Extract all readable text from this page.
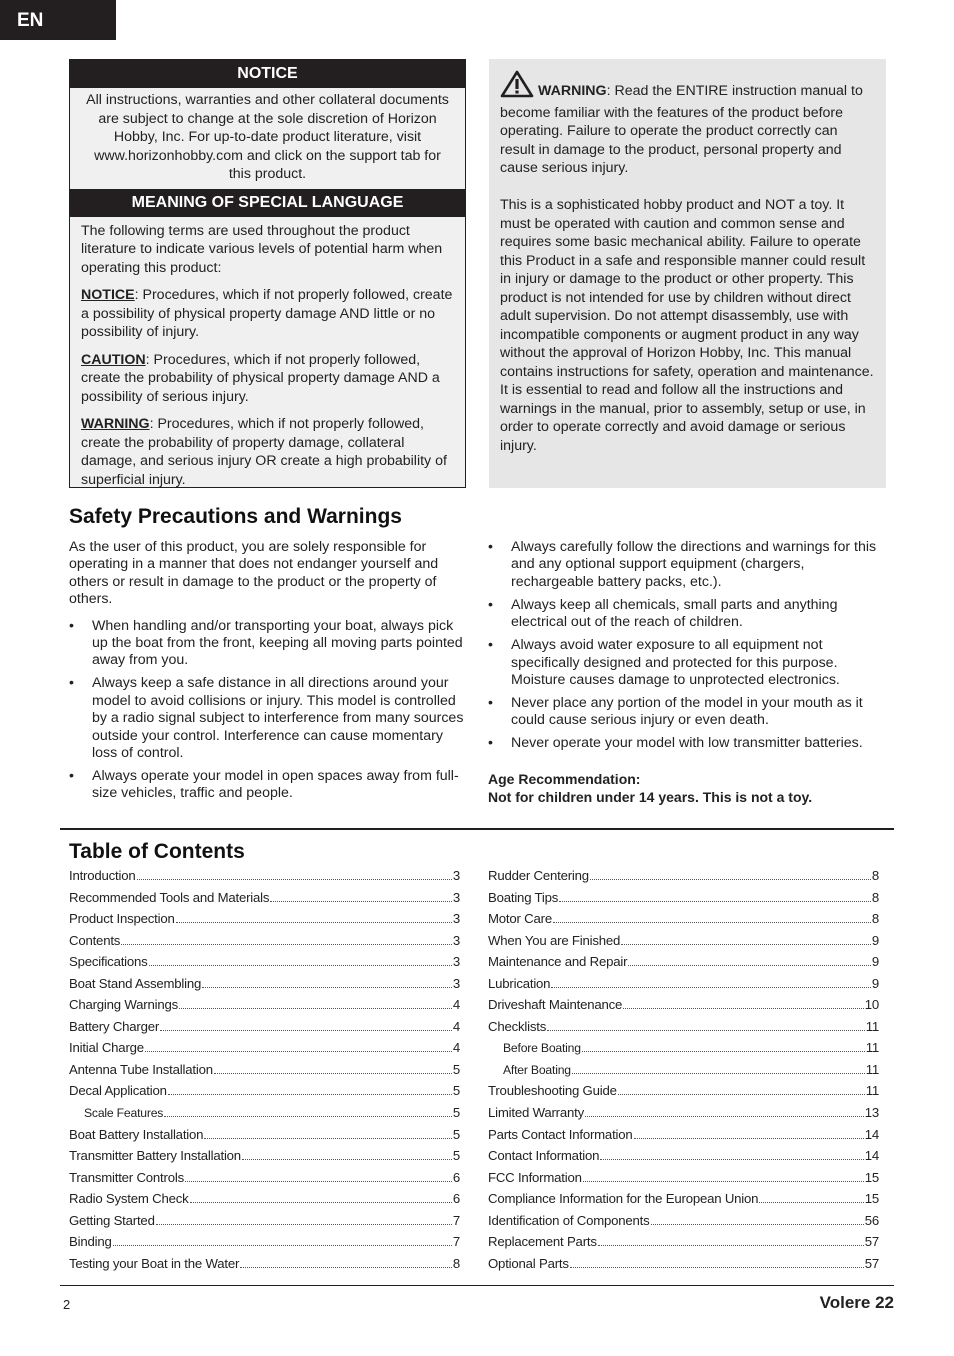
EN
NOTICE
All instructions, warranties and other collateral documents are subject to change at the sole discretion of Horizon Hobby, Inc. For up-to-date product literature, visit www.horizonhobby.com and click on the support tab for this product.
MEANING OF SPECIAL LANGUAGE

The following terms are used throughout the product literature to indicate various levels of potential harm when operating this product:

NOTICE: Procedures, which if not properly followed, create a possibility of physical property damage AND little or no possibility of injury.

CAUTION: Procedures, which if not properly followed, create the probability of physical property damage AND a possibility of serious injury.

WARNING: Procedures, which if not properly followed, create the probability of property damage, collateral damage, and serious injury OR create a high probability of superficial injury.

WARNING: Read the ENTIRE instruction manual to become familiar with the features of the product before operating. Failure to operate the product correctly can result in damage to the product, personal property and cause serious injury.

This is a sophisticated hobby product and NOT a toy. It must be operated with caution and common sense and requires some basic mechanical ability. Failure to operate this Product in a safe and responsible manner could result in injury or damage to the product or other property. This product is not intended for use by children without direct adult supervision. Do not attempt disassembly, use with incompatible components or augment product in any way without the approval of Horizon Hobby, Inc. This manual contains instructions for safety, operation and maintenance. It is essential to read and follow all the instructions and warnings in the manual, prior to assembly, setup or use, in order to operate correctly and avoid damage or serious injury.

Safety Precautions and Warnings

As the user of this product, you are solely responsible for operating in a manner that does not endanger yourself and others or result in damage to the product or the property of others.

• When handling and/or transporting your boat, always pick up the boat from the front, keeping all moving parts pointed away from you.
• Always keep a safe distance in all directions around your model to avoid collisions or injury. This model is controlled by a radio signal subject to interference from many sources outside your control. Interference can cause momentary loss of control.
• Always operate your model in open spaces away from full-size vehicles, traffic and people.
• Always carefully follow the directions and warnings for this and any optional support equipment (chargers, rechargeable battery packs, etc.).
• Always keep all chemicals, small parts and anything electrical out of the reach of children.
• Always avoid water exposure to all equipment not specifically designed and protected for this purpose. Moisture causes damage to unprotected electronics.
• Never place any portion of the model in your mouth as it could cause serious injury or even death.
• Never operate your model with low transmitter batteries.
Age Recommendation:
Not for children under 14 years. This is not a toy.
Table of Contents
Introduction	3
Recommended Tools and Materials	3
Product Inspection	3
Contents	3
Specifications	3
Boat Stand Assembling	3
Charging Warnings	4
Battery Charger	4
Initial Charge	4
Antenna Tube Installation	5
Decal Application	5
Scale Features	5
Boat Battery Installation	5
Transmitter Battery Installation	5
Transmitter Controls	6
Radio System Check	6
Getting Started	7
Binding	7
Testing your Boat in the Water	8
Rudder Centering	8
Boating Tips	8
Motor Care	8
When You are Finished	9
Maintenance and Repair	9
Lubrication	9
Driveshaft Maintenance	10
Checklists	11
Before Boating	11
After Boating	11
Troubleshooting Guide	11
Limited Warranty	13
Parts Contact Information	14
Contact Information	14
FCC Information	15
Compliance Information for the European Union	15
Identification of Components	56
Replacement Parts	57
Optional Parts	57
2	Volere 22
